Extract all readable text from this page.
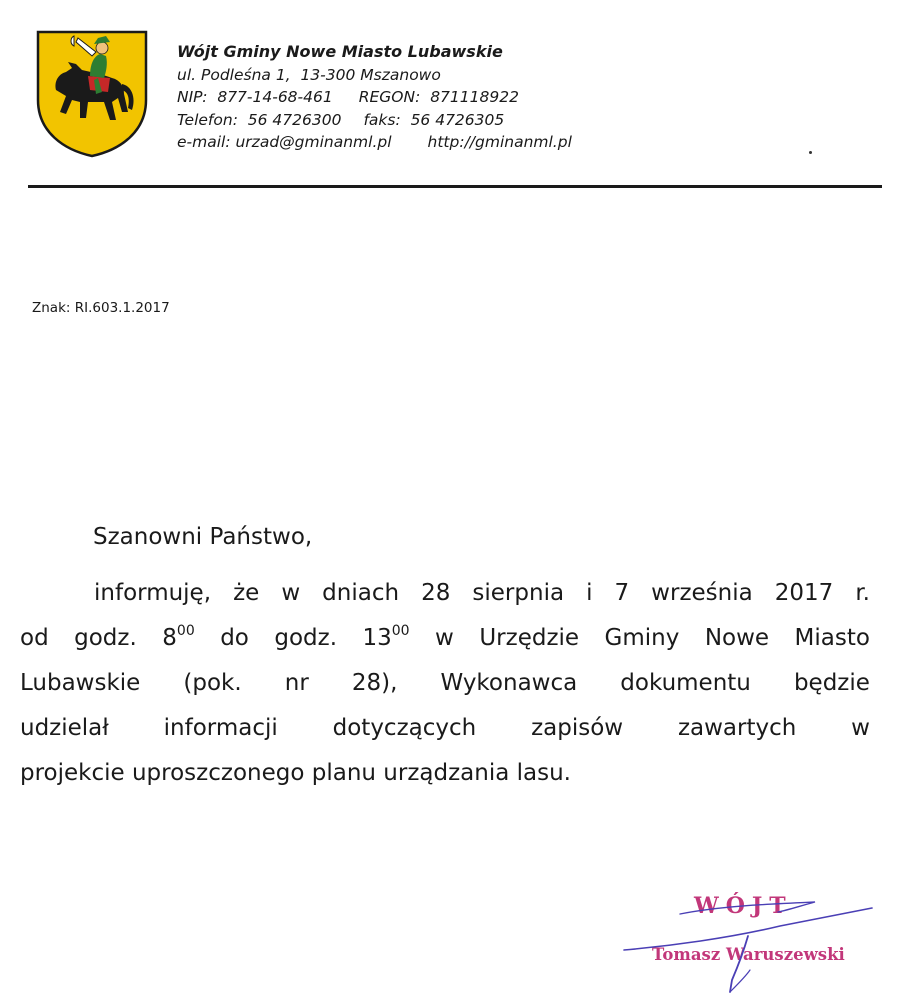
Wójt Gminy Nowe Miasto Lubawskie
ul. Podleśna 1,  13-300 Mszanowo
NIP: 877-14-68-461 REGON: 871118922
Telefon: 56 4726300 faks: 56 4726305
e-mail: urzad@gminanml.pl http://gminanml.pl
Znak: RI.603.1.2017
Szanowni Państwo,
informuję, że w dniach 28 sierpnia i 7 września 2017 r.
od godz. $8^{00}$ do godz. $13^{00}$ w Urzędzie Gminy Nowe Miasto
Lubawskie (pok. nr 28), Wykonawca dokumentu będzie
udzielał informacji dotyczących zapisów zawartych w
projekcie uproszczonego planu urządzania lasu.
WÓJT
Tomasz Waruszewski
